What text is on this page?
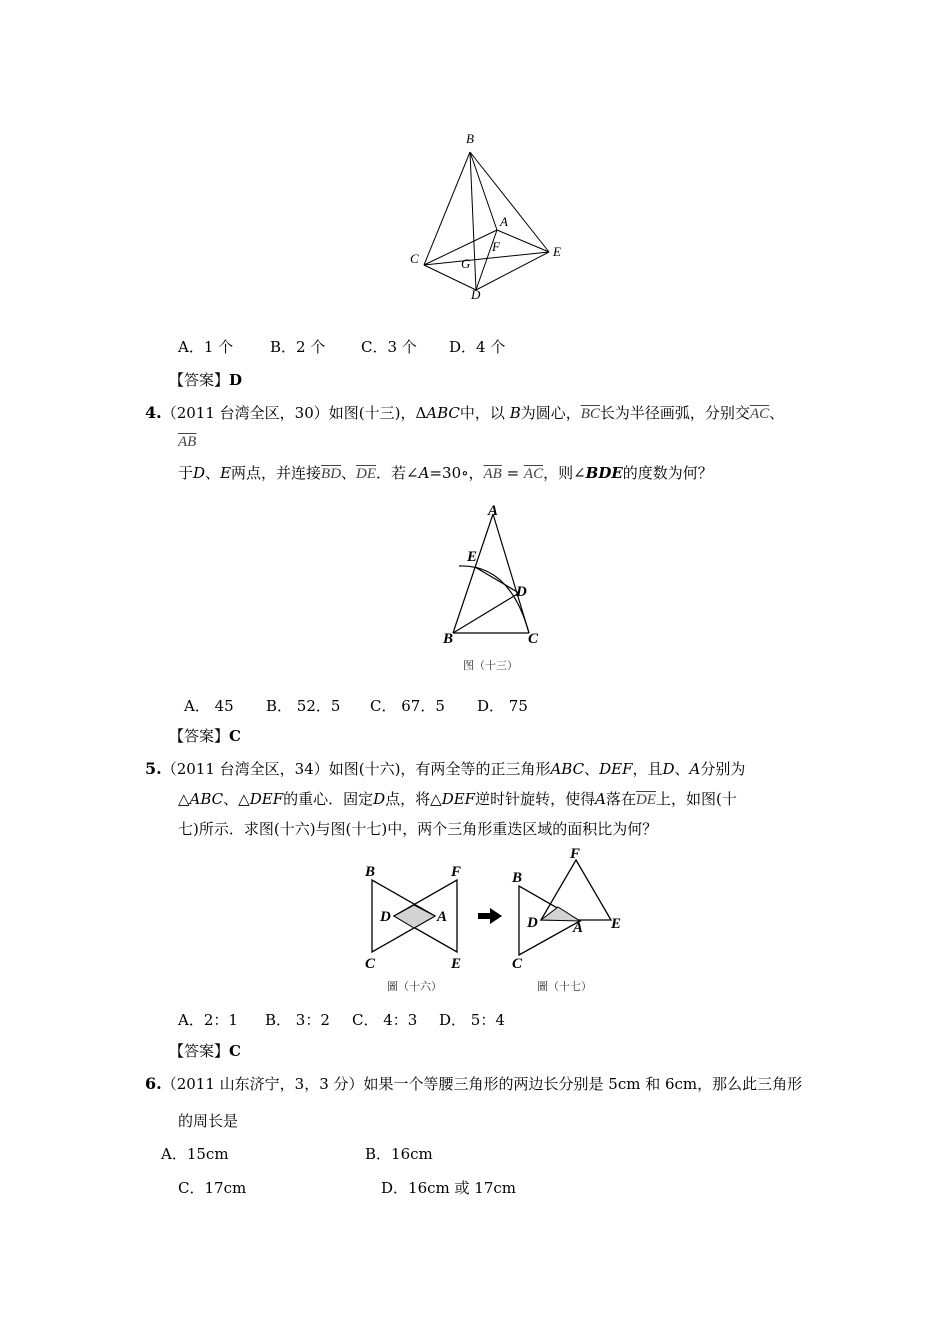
B
A
F	E
C	G
D
A．1 个 B．2 个 C．3 个 D．4 个
【答案】D
4.（2011 台湾全区，30）如图(十三)，ΔABC中，以 B为圆心，$\overline{BC}$长为半径画弧，分别交$\overline{AC}$、
$\overline{AB}$
于D、E两点，并连接$\overline{BD}$、$\overline{DE}$．若∠A=30∘，$\overline{AB} = \overline{AC}$，则∠BDE的度数为何？
A
E
D
B	C
图（十三）
A． 45 B． 52．5 C． 67．5 D． 75
【答案】C
5.（2011 台湾全区，34）如图(十六)，有两全等的正三角形ABC、DEF，且D、A分别为
△ABC、△DEF的重心．固定D点，将△DEF逆时针旋转，使得A落在$\overline{DE}$上，如图(十
七)所示．求图(十六)与图(十七)中，两个三角形重迭区域的面积比为何？
B	F
D	A
C	E
圖（十六）
F
B
D A E
C
圖（十七）
A．2：1 B． 3：2 C． 4：3 D． 5：4
【答案】C
6.（2011 山东济宁，3，3 分）如果一个等腰三角形的两边长分别是 5cm 和 6cm，那么此三角形
的周长是
A．15cm	B．16cm
C．17cm	D．16cm 或 17cm
